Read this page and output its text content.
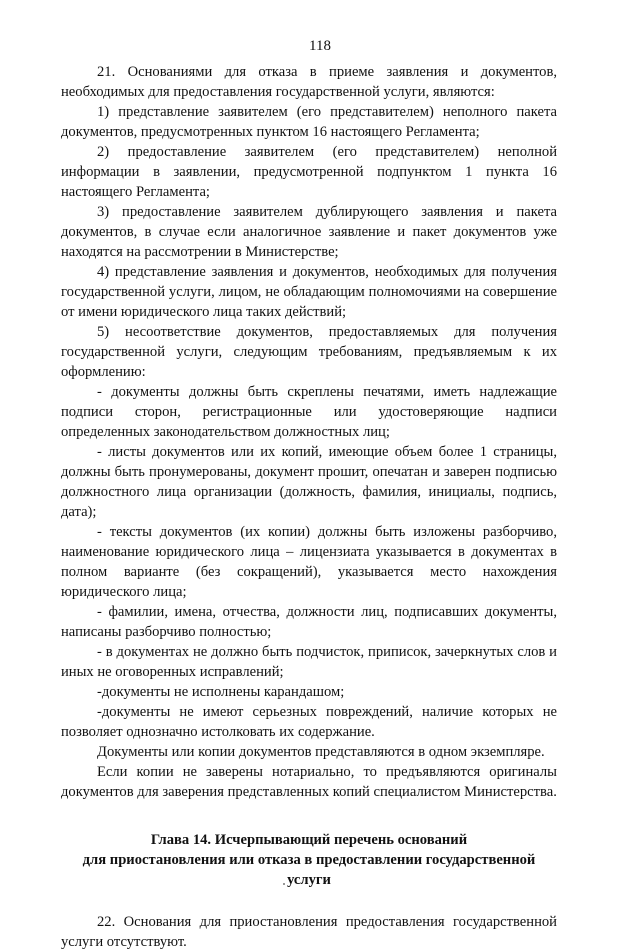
118

21. Основаниями для отказа в приеме заявления и документов, необходимых для предоставления государственной услуги, являются:

1) представление заявителем (его представителем) неполного пакета документов, предусмотренных пунктом 16 настоящего Регламента;

2) предоставление заявителем (его представителем) неполной информации в заявлении, предусмотренной подпунктом 1 пункта 16 настоящего Регламента;

3) предоставление заявителем дублирующего заявления и пакета документов, в случае если аналогичное заявление и пакет документов уже находятся на рассмотрении в Министерстве;

4) представление заявления и документов, необходимых для получения государственной услуги, лицом, не обладающим полномочиями на совершение от имени юридического лица таких действий;

5) несоответствие документов, предоставляемых для получения государственной услуги, следующим требованиям, предъявляемым к их оформлению:

- документы должны быть скреплены печатями, иметь надлежащие подписи сторон, регистрационные или удостоверяющие надписи определенных законодательством должностных лиц;

- листы документов или их копий, имеющие объем более 1 страницы, должны быть пронумерованы, документ прошит, опечатан и заверен подписью должностного лица организации (должность, фамилия, инициалы, подпись, дата);

- тексты документов (их копии) должны быть изложены разборчиво, наименование юридического лица – лицензиата указывается в документах в полном варианте (без сокращений), указывается место нахождения юридического лица;

- фамилии, имена, отчества, должности лиц, подписавших документы, написаны разборчиво полностью;

- в документах не должно быть подчисток, приписок, зачеркнутых слов и иных не оговоренных исправлений;

-документы не исполнены карандашом;

-документы не имеют серьезных повреждений, наличие которых не позволяет однозначно истолковать их содержание.

Документы или копии документов представляются в одном экземпляре.

Если копии не заверены нотариально, то предъявляются оригиналы документов для заверения представленных копий специалистом Министерства.

Глава 14. Исчерпывающий перечень оснований
для приостановления или отказа в предоставлении государственной
услуги

22. Основания для приостановления предоставления государственной услуги отсутствуют.
